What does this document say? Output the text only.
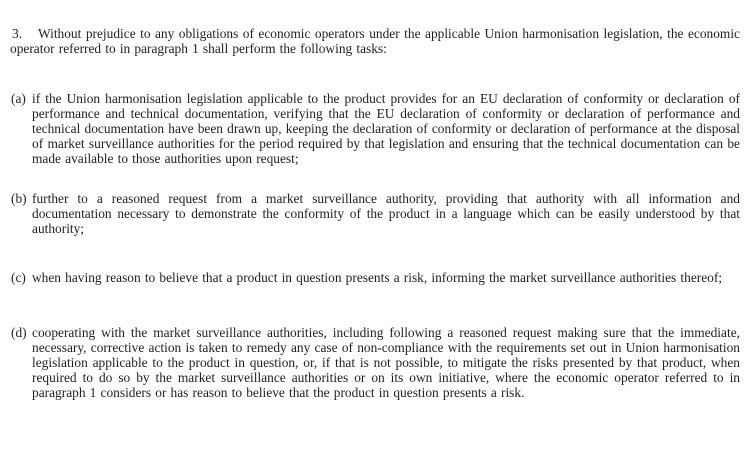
3. Without prejudice to any obligations of economic operators under the applicable Union harmonisation legislation, the economic operator referred to in paragraph 1 shall perform the following tasks:

(a) if the Union harmonisation legislation applicable to the product provides for an EU declaration of conformity or declaration of performance and technical documentation, verifying that the EU declaration of conformity or declaration of performance and technical documentation have been drawn up, keeping the declaration of conformity or declaration of performance at the disposal of market surveillance authorities for the period required by that legislation and ensuring that the technical documentation can be made available to those authorities upon request;
(b) further to a reasoned request from a market surveillance authority, providing that authority with all information and documentation necessary to demonstrate the conformity of the product in a language which can be easily understood by that authority;
(c) when having reason to believe that a product in question presents a risk, informing the market surveillance authorities thereof;
(d) cooperating with the market surveillance authorities, including following a reasoned request making sure that the immediate, necessary, corrective action is taken to remedy any case of non-compliance with the requirements set out in Union harmonisation legislation applicable to the product in question, or, if that is not possible, to mitigate the risks presented by that product, when required to do so by the market surveillance authorities or on its own initiative, where the economic operator referred to in paragraph 1 considers or has reason to believe that the product in question presents a risk.
